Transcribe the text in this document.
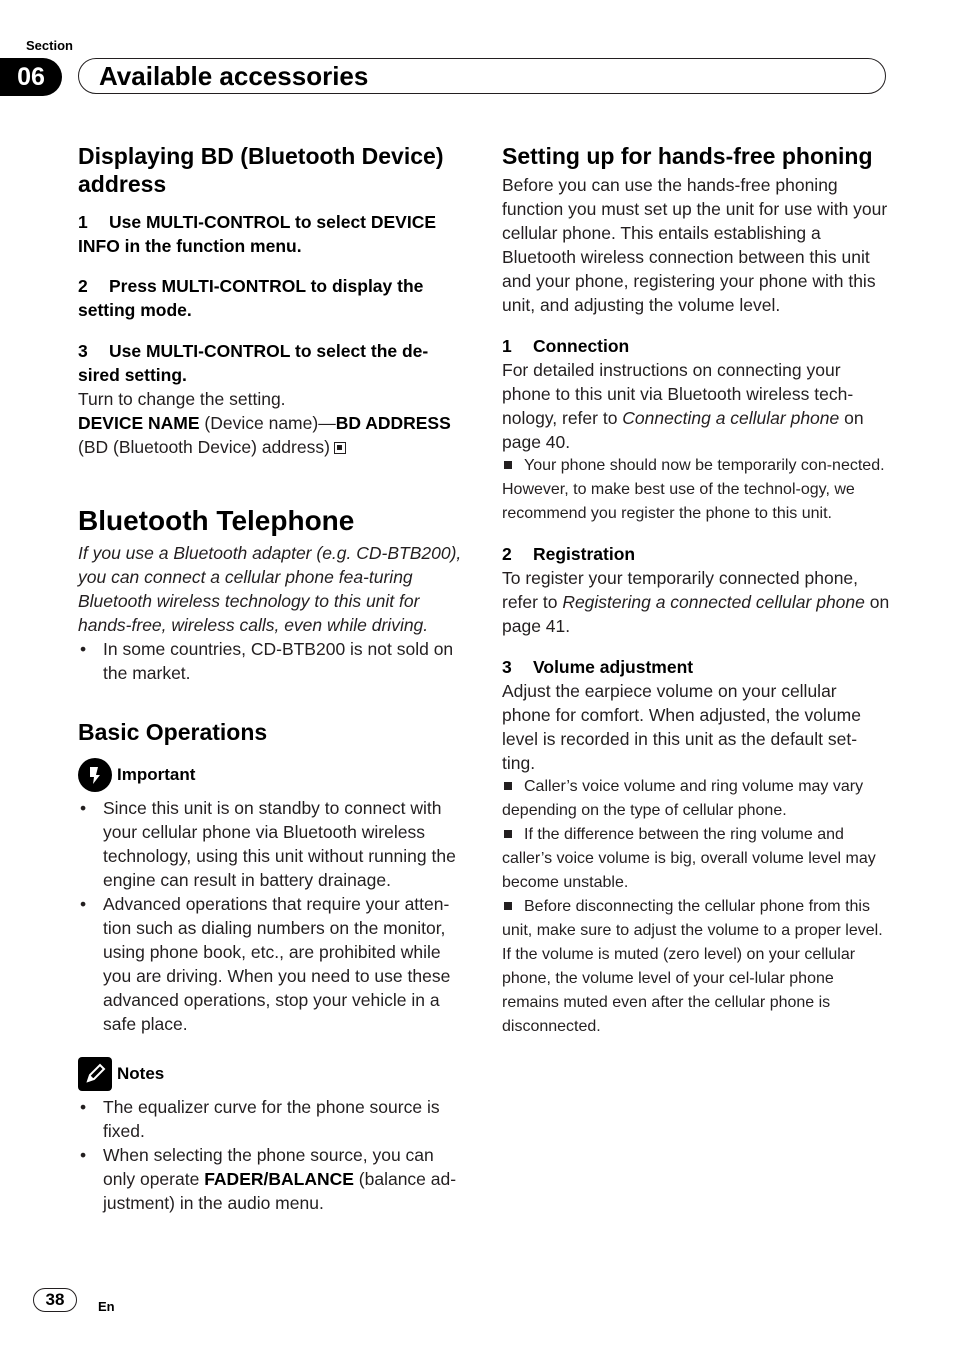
Section
06	Available accessories
Displaying BD (Bluetooth Device) address
1 Use MULTI-CONTROL to select DEVICE INFO in the function menu.
2 Press MULTI-CONTROL to display the setting mode.
3 Use MULTI-CONTROL to select the de-sired setting.

Turn to change the setting.

DEVICE NAME (Device name)—BD ADDRESS (BD (Bluetooth Device) address)

Bluetooth Telephone

If you use a Bluetooth adapter (e.g. CD-BTB200), you can connect a cellular phone fea-turing Bluetooth wireless technology to this unit for hands-free, wireless calls, even while driving.

• In some countries, CD-BTB200 is not sold on the market.
Basic Operations
Important
• Since this unit is on standby to connect with your cellular phone via Bluetooth wireless technology, using this unit without running the engine can result in battery drainage.
• Advanced operations that require your atten-tion such as dialing numbers on the monitor, using phone book, etc., are prohibited while you are driving. When you need to use these advanced operations, stop your vehicle in a safe place.
Notes
• The equalizer curve for the phone source is fixed.
• When selecting the phone source, you can only operate FADER/BALANCE (balance ad-justment) in the audio menu.
Setting up for hands-free phoning

Before you can use the hands-free phoning function you must set up the unit for use with your cellular phone. This entails establishing a Bluetooth wireless connection between this unit and your phone, registering your phone with this unit, and adjusting the volume level.

1 Connection

For detailed instructions on connecting your phone to this unit via Bluetooth wireless tech-nology, refer to Connecting a cellular phone on page 40.

Your phone should now be temporarily con-nected. However, to make best use of the technol-ogy, we recommend you register the phone to this unit.

2 Registration

To register your temporarily connected phone, refer to Registering a connected cellular phone on page 41.

3 Volume adjustment

Adjust the earpiece volume on your cellular phone for comfort. When adjusted, the volume level is recorded in this unit as the default set-ting.

Caller’s voice volume and ring volume may vary depending on the type of cellular phone.

If the difference between the ring volume and caller’s voice volume is big, overall volume level may become unstable.

Before disconnecting the cellular phone from this unit, make sure to adjust the volume to a proper level. If the volume is muted (zero level) on your cellular phone, the volume level of your cel-lular phone remains muted even after the cellular phone is disconnected.

38	En
